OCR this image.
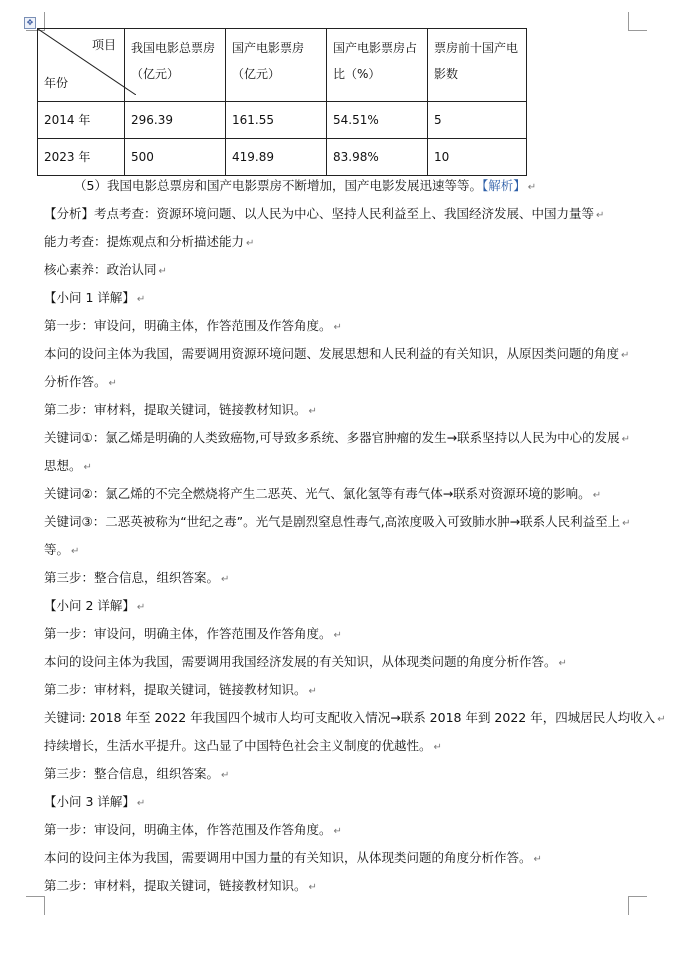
✥
项目
年份	我国电影总票房（亿元）	国产电影票房（亿元）	国产电影票房占比（%）	票房前十国产电影数
2014 年	296.39	161.55	54.51%	5
2023 年	500	419.89	83.98%	10
（5）我国电影总票房和国产电影票房不断增加，国产电影发展迅速等等。【解析】 ↵
【分析】考点考查：资源环境问题、以人民为中心、坚持人民利益至上、我国经济发展、中国力量等 ↵
能力考查：提炼观点和分析描述能力 ↵
核心素养：政治认同 ↵
【小问 1 详解】 ↵
第一步：审设问，明确主体，作答范围及作答角度。 ↵
本问的设问主体为我国，需要调用资源环境问题、发展思想和人民利益的有关知识，从原因类问题的角度 ↵
分析作答。 ↵
第二步：审材料，提取关键词，链接教材知识。 ↵
关键词①：氯乙烯是明确的人类致癌物,可导致多系统、多器官肿瘤的发生→联系坚持以人民为中心的发展 ↵
思想。 ↵
关键词②：氯乙烯的不完全燃烧将产生二恶英、光气、氯化氢等有毒气体→联系对资源环境的影响。 ↵
关键词③：二恶英被称为“世纪之毒”。光气是剧烈窒息性毒气,高浓度吸入可致肺水肿→联系人民利益至上 ↵
等。 ↵
第三步：整合信息，组织答案。 ↵
【小问 2 详解】 ↵
第一步：审设问，明确主体，作答范围及作答角度。 ↵
本问的设问主体为我国，需要调用我国经济发展的有关知识，从体现类问题的角度分析作答。 ↵
第二步：审材料，提取关键词，链接教材知识。 ↵
关键词: 2018 年至 2022 年我国四个城市人均可支配收入情况→联系 2018 年到 2022 年，四城居民人均收入 ↵
持续增长，生活水平提升。这凸显了中国特色社会主义制度的优越性。 ↵
第三步：整合信息，组织答案。 ↵
【小问 3 详解】 ↵
第一步：审设问，明确主体，作答范围及作答角度。 ↵
本问的设问主体为我国，需要调用中国力量的有关知识，从体现类问题的角度分析作答。 ↵
第二步：审材料，提取关键词，链接教材知识。 ↵
